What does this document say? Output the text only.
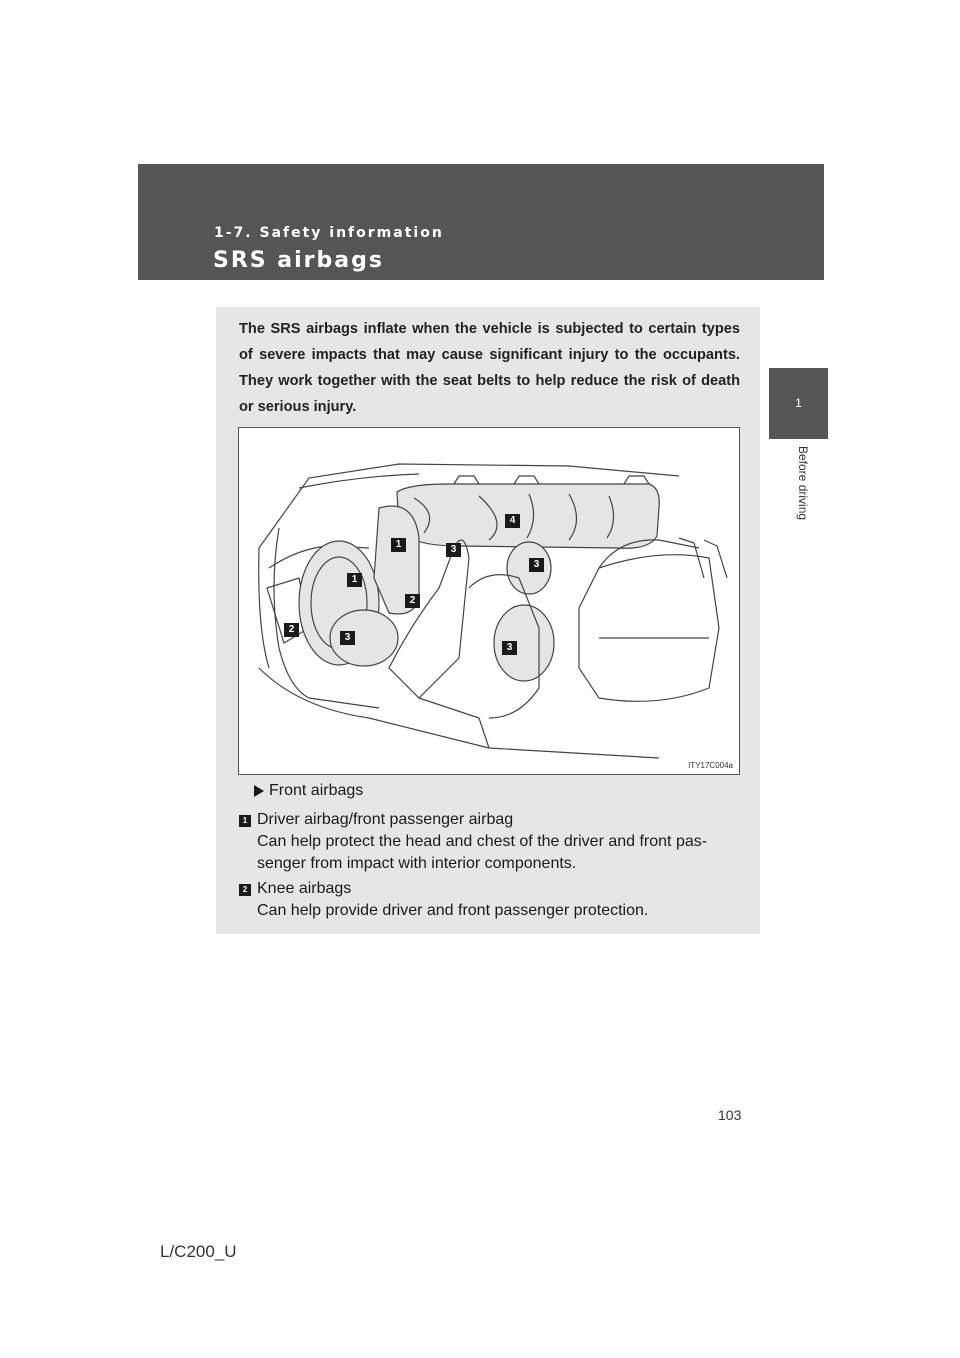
1-7. Safety information
SRS airbags
1
Before driving
The SRS airbags inflate when the vehicle is subjected to certain types of severe impacts that may cause significant injury to the occupants. They work together with the seat belts to help reduce the risk of death or serious injury.
1
1
2
2
3
3
3
3
4
ITY17C004a
Front airbags
1 Driver airbag/front passenger airbag
Can help protect the head and chest of the driver and front pas-
senger from impact with interior components.
2 Knee airbags
Can help provide driver and front passenger protection.
103
L/C200_U
